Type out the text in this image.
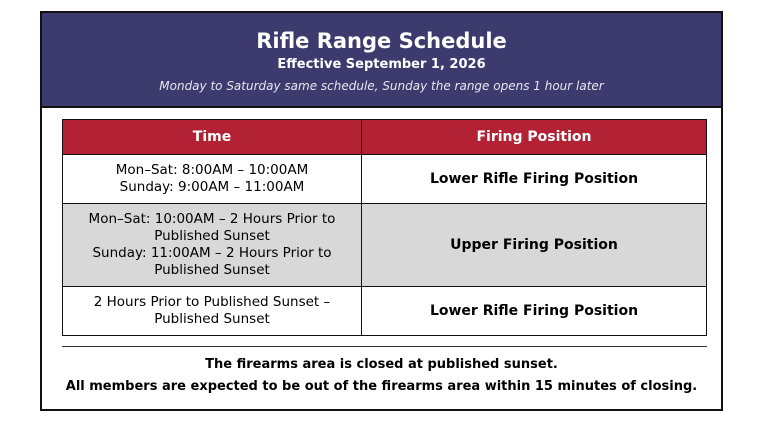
Rifle Range Schedule
Effective September 1, 2026
Monday to Saturday same schedule, Sunday the range opens 1 hour later
Time	Firing Position

Mon–Sat: 8:00AM – 10:00AM
Sunday: 9:00AM – 11:00AM	Lower Rifle Firing Position

Mon–Sat: 10:00AM – 2 Hours Prior to
Published Sunset
Sunday: 11:00AM – 2 Hours Prior to
Published Sunset	Upper Firing Position

2 Hours Prior to Published Sunset –
Published Sunset	Lower Rifle Firing Position
The firearms area is closed at published sunset.
All members are expected to be out of the firearms area within 15 minutes of closing.
